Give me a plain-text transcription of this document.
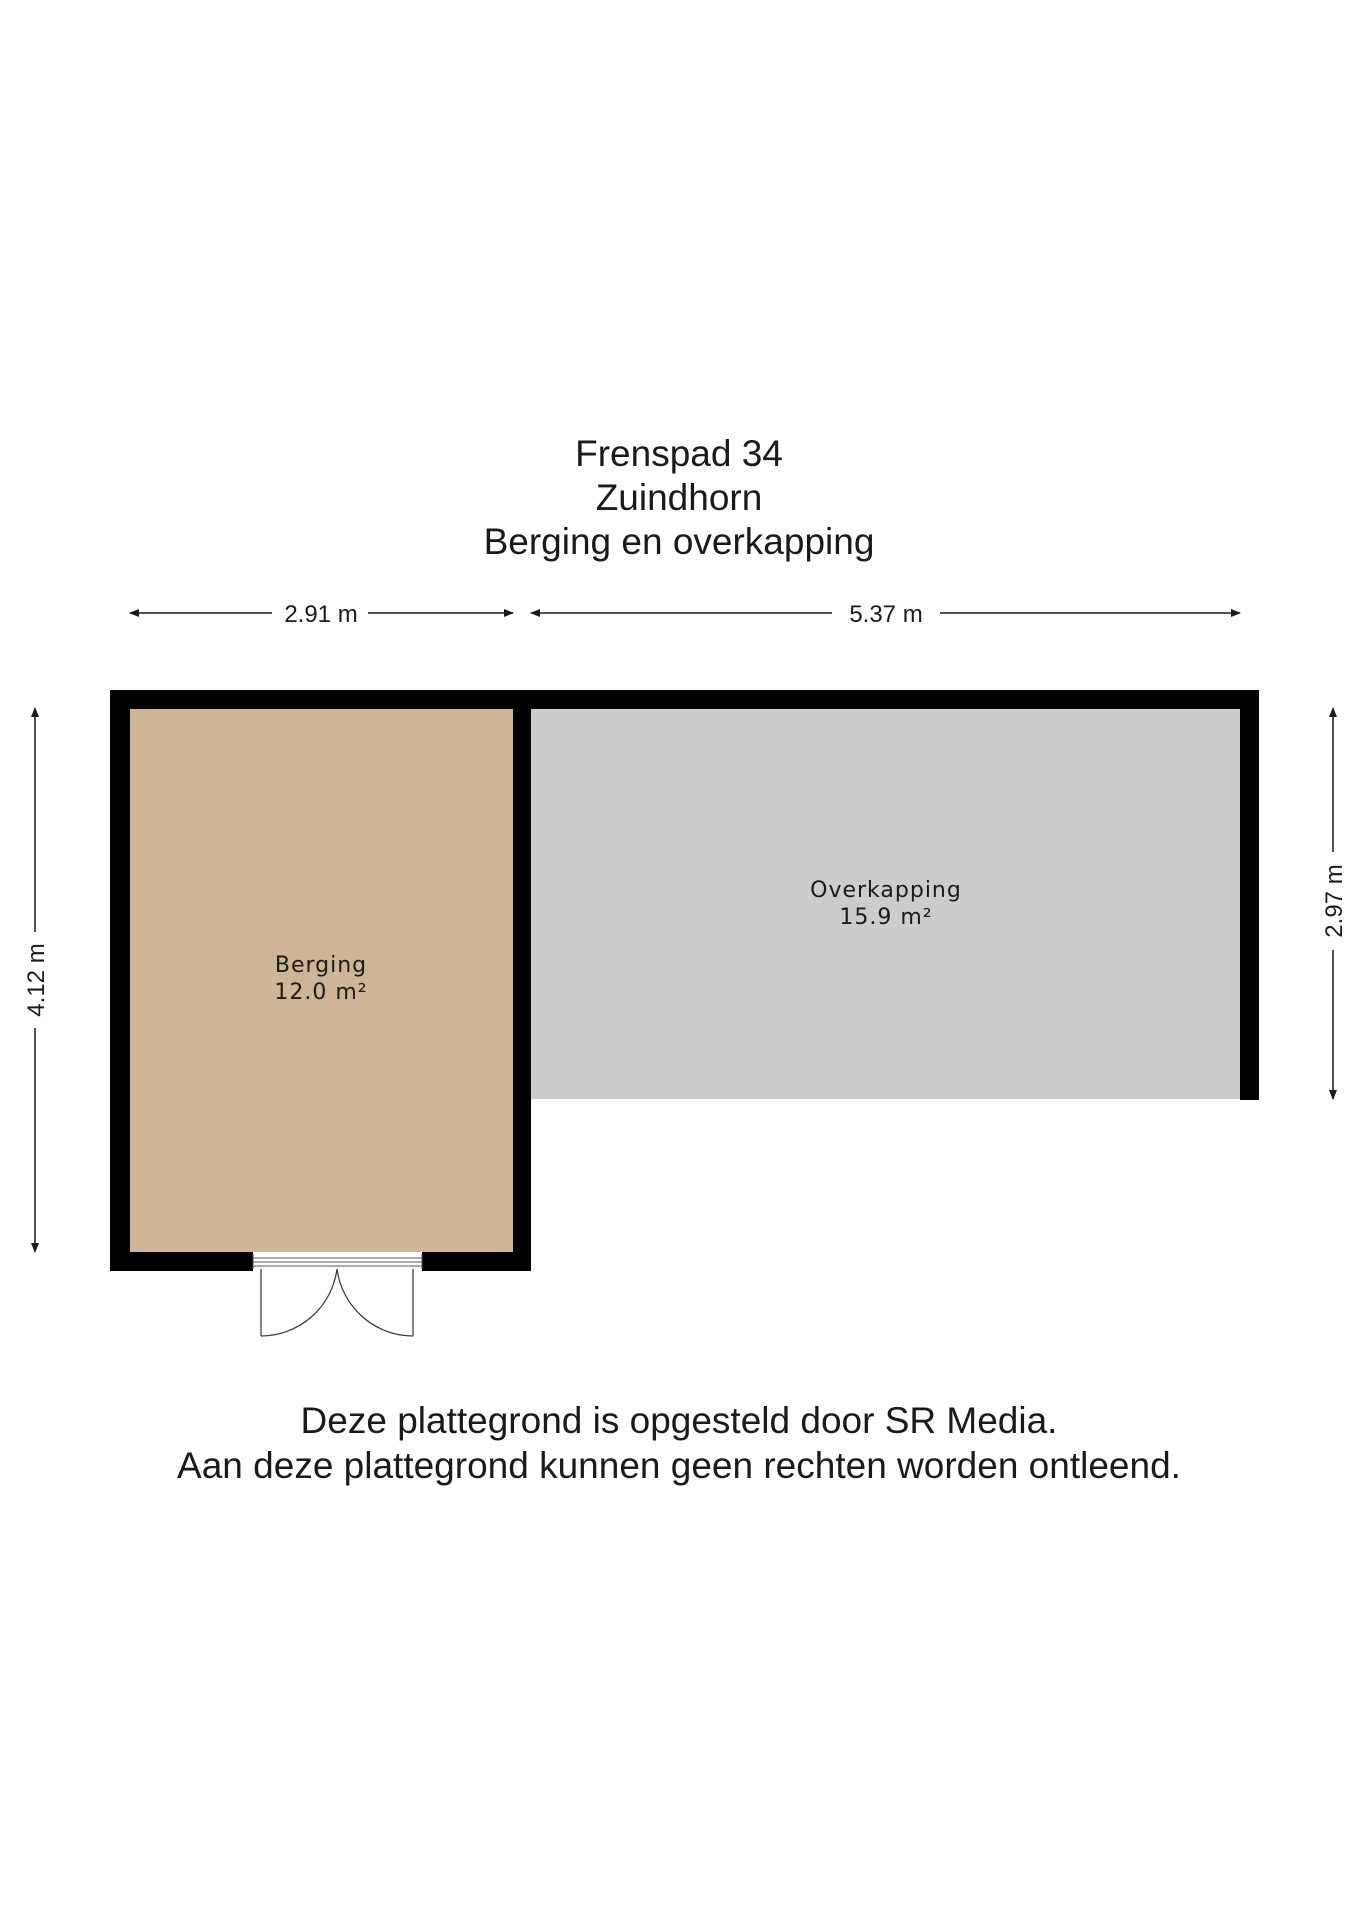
Frenspad 34
Zuindhorn
Berging en overkapping
2.91 m	5.37 m
4.12 m
2.97 m
Berging
12.0 m²
Overkapping
15.9 m²
Deze plattegrond is opgesteld door SR Media.
Aan deze plattegrond kunnen geen rechten worden ontleend.
